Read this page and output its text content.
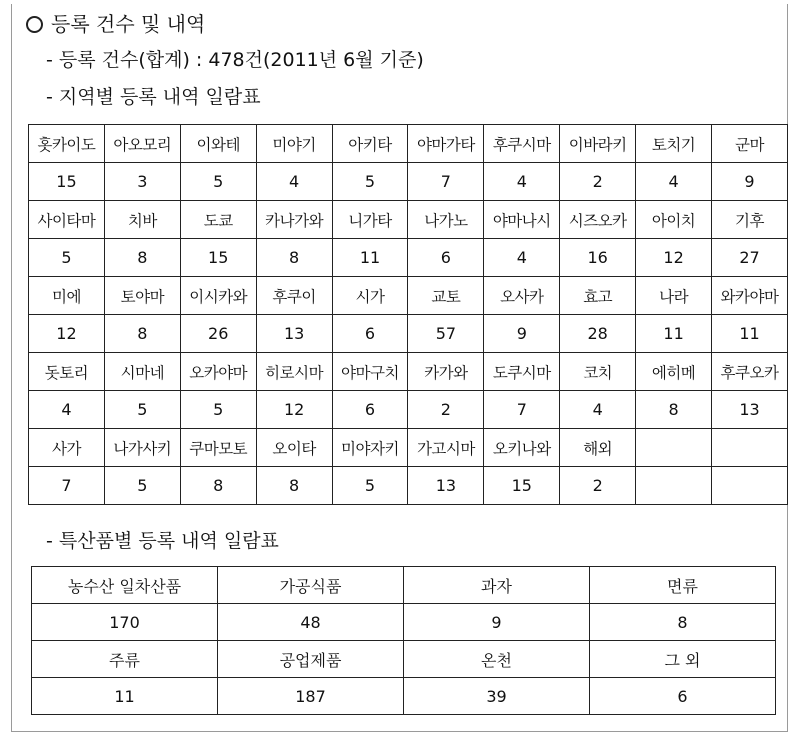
등록 건수 및 내역
- 등록 건수(합계) : 478건(2011년 6월 기준)
- 지역별 등록 내역 일람표
홋카이도	아오모리	이와테	미야기	아키타	야마가타	후쿠시마	이바라키	토치기	군마
15	3	5	4	5	7	4	2	4	9
사이타마	치바	도쿄	카나가와	니가타	나가노	야마나시	시즈오카	아이치	기후
5	8	15	8	11	6	4	16	12	27
미에	토야마	이시카와	후쿠이	시가	교토	오사카	효고	나라	와카야마
12	8	26	13	6	57	9	28	11	11
돗토리	시마네	오카야마	히로시마	야마구치	카가와	도쿠시마	코치	에히메	후쿠오카
4	5	5	12	6	2	7	4	8	13
사가	나가사키	쿠마모토	오이타	미야자키	가고시마	오키나와	해외		
7	5	8	8	5	13	15	2		
- 특산품별 등록 내역 일람표
농수산 일차산품	가공식품	과자	면류
170	48	9	8
주류	공업제품	온천	그 외
11	187	39	6
